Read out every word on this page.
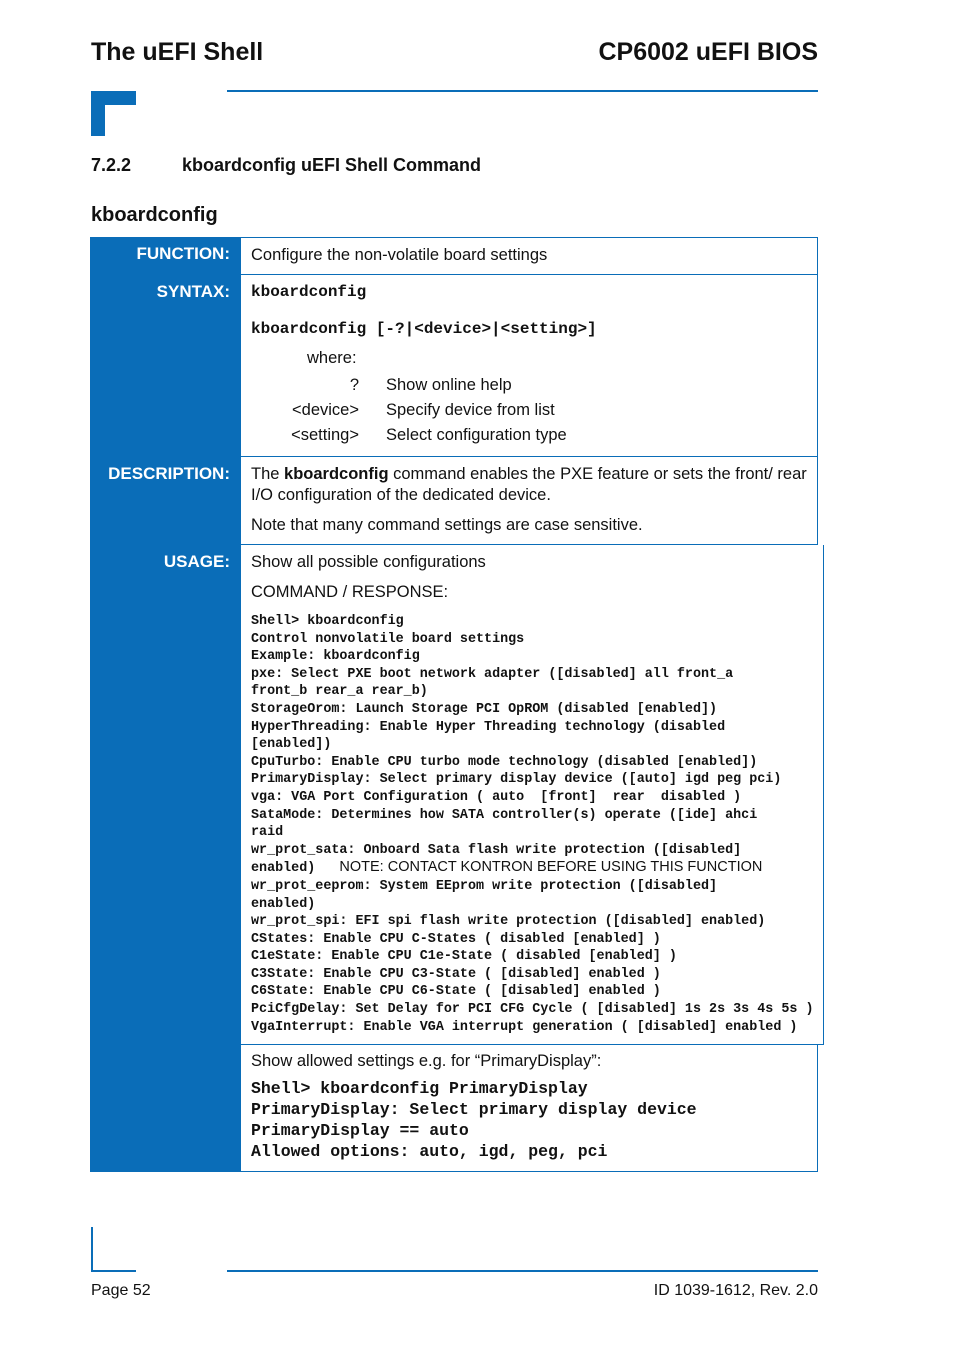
The uEFI Shell	CP6002 uEFI BIOS
7.2.2	kboardconfig uEFI Shell Command
kboardconfig
FUNCTION:	Configure the non-volatile board settings
SYNTAX:	kboardconfig
kboardconfig [-?|<device>|<setting>]
where:
?	Show online help
<device>	Specify device from list
<setting>	Select configuration type
DESCRIPTION:	The kboardconfig command enables the PXE feature or sets the front/ rear I/O configuration of the dedicated device.
Note that many command settings are case sensitive.
USAGE:	Show all possible configurations
COMMAND / RESPONSE:
Shell> kboardconfig
Control nonvolatile board settings
Example: kboardconfig
pxe: Select PXE boot network adapter ([disabled] all front_a
front_b rear_a rear_b)
StorageOrom: Launch Storage PCI OpROM (disabled [enabled])
HyperThreading: Enable Hyper Threading technology (disabled
[enabled])
CpuTurbo: Enable CPU turbo mode technology (disabled [enabled])
PrimaryDisplay: Select primary display device ([auto] igd peg pci)
vga: VGA Port Configuration ( auto  [front]  rear  disabled )
SataMode: Determines how SATA controller(s) operate ([ide] ahci
raid
wr_prot_sata: Onboard Sata flash write protection ([disabled]
enabled) NOTE: CONTACT KONTRON BEFORE USING THIS FUNCTION
wr_prot_eeprom: System EEprom write protection ([disabled]
enabled)
wr_prot_spi: EFI spi flash write protection ([disabled] enabled)
CStates: Enable CPU C-States ( disabled [enabled] )
C1eState: Enable CPU C1e-State ( disabled [enabled] )
C3State: Enable CPU C3-State ( [disabled] enabled )
C6State: Enable CPU C6-State ( [disabled] enabled )
PciCfgDelay: Set Delay for PCI CFG Cycle ( [disabled] 1s 2s 3s 4s 5s )
VgaInterrupt: Enable VGA interrupt generation ( [disabled] enabled )
Show allowed settings e.g. for “PrimaryDisplay”:
Shell> kboardconfig PrimaryDisplay
PrimaryDisplay: Select primary display device
PrimaryDisplay == auto
Allowed options: auto, igd, peg, pci
Page 52	ID 1039-1612, Rev. 2.0
